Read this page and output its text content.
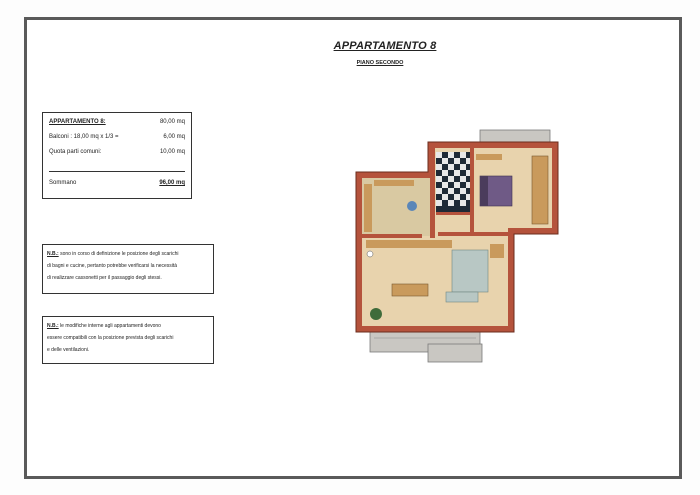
APPARTAMENTO 8
PIANO SECONDO
APPARTAMENTO 8:	80,00 mq
Balconi : 18,00 mq x 1/3 =	6,00 mq
Quota parti comuni:	10,00 mq
Sommano	96,00 mq
N.B.: sono in corso di definizione le posizione degli scarichi
di bagni e cucine, pertanto potrebbe verificarsi la necessità
di realizzare cassonetti per il passaggio degli stessi.
N.B.: le modifiche interne agli appartamenti devono
essere compatibili con la posizione prevista degli scarichi
e delle ventilazioni.
